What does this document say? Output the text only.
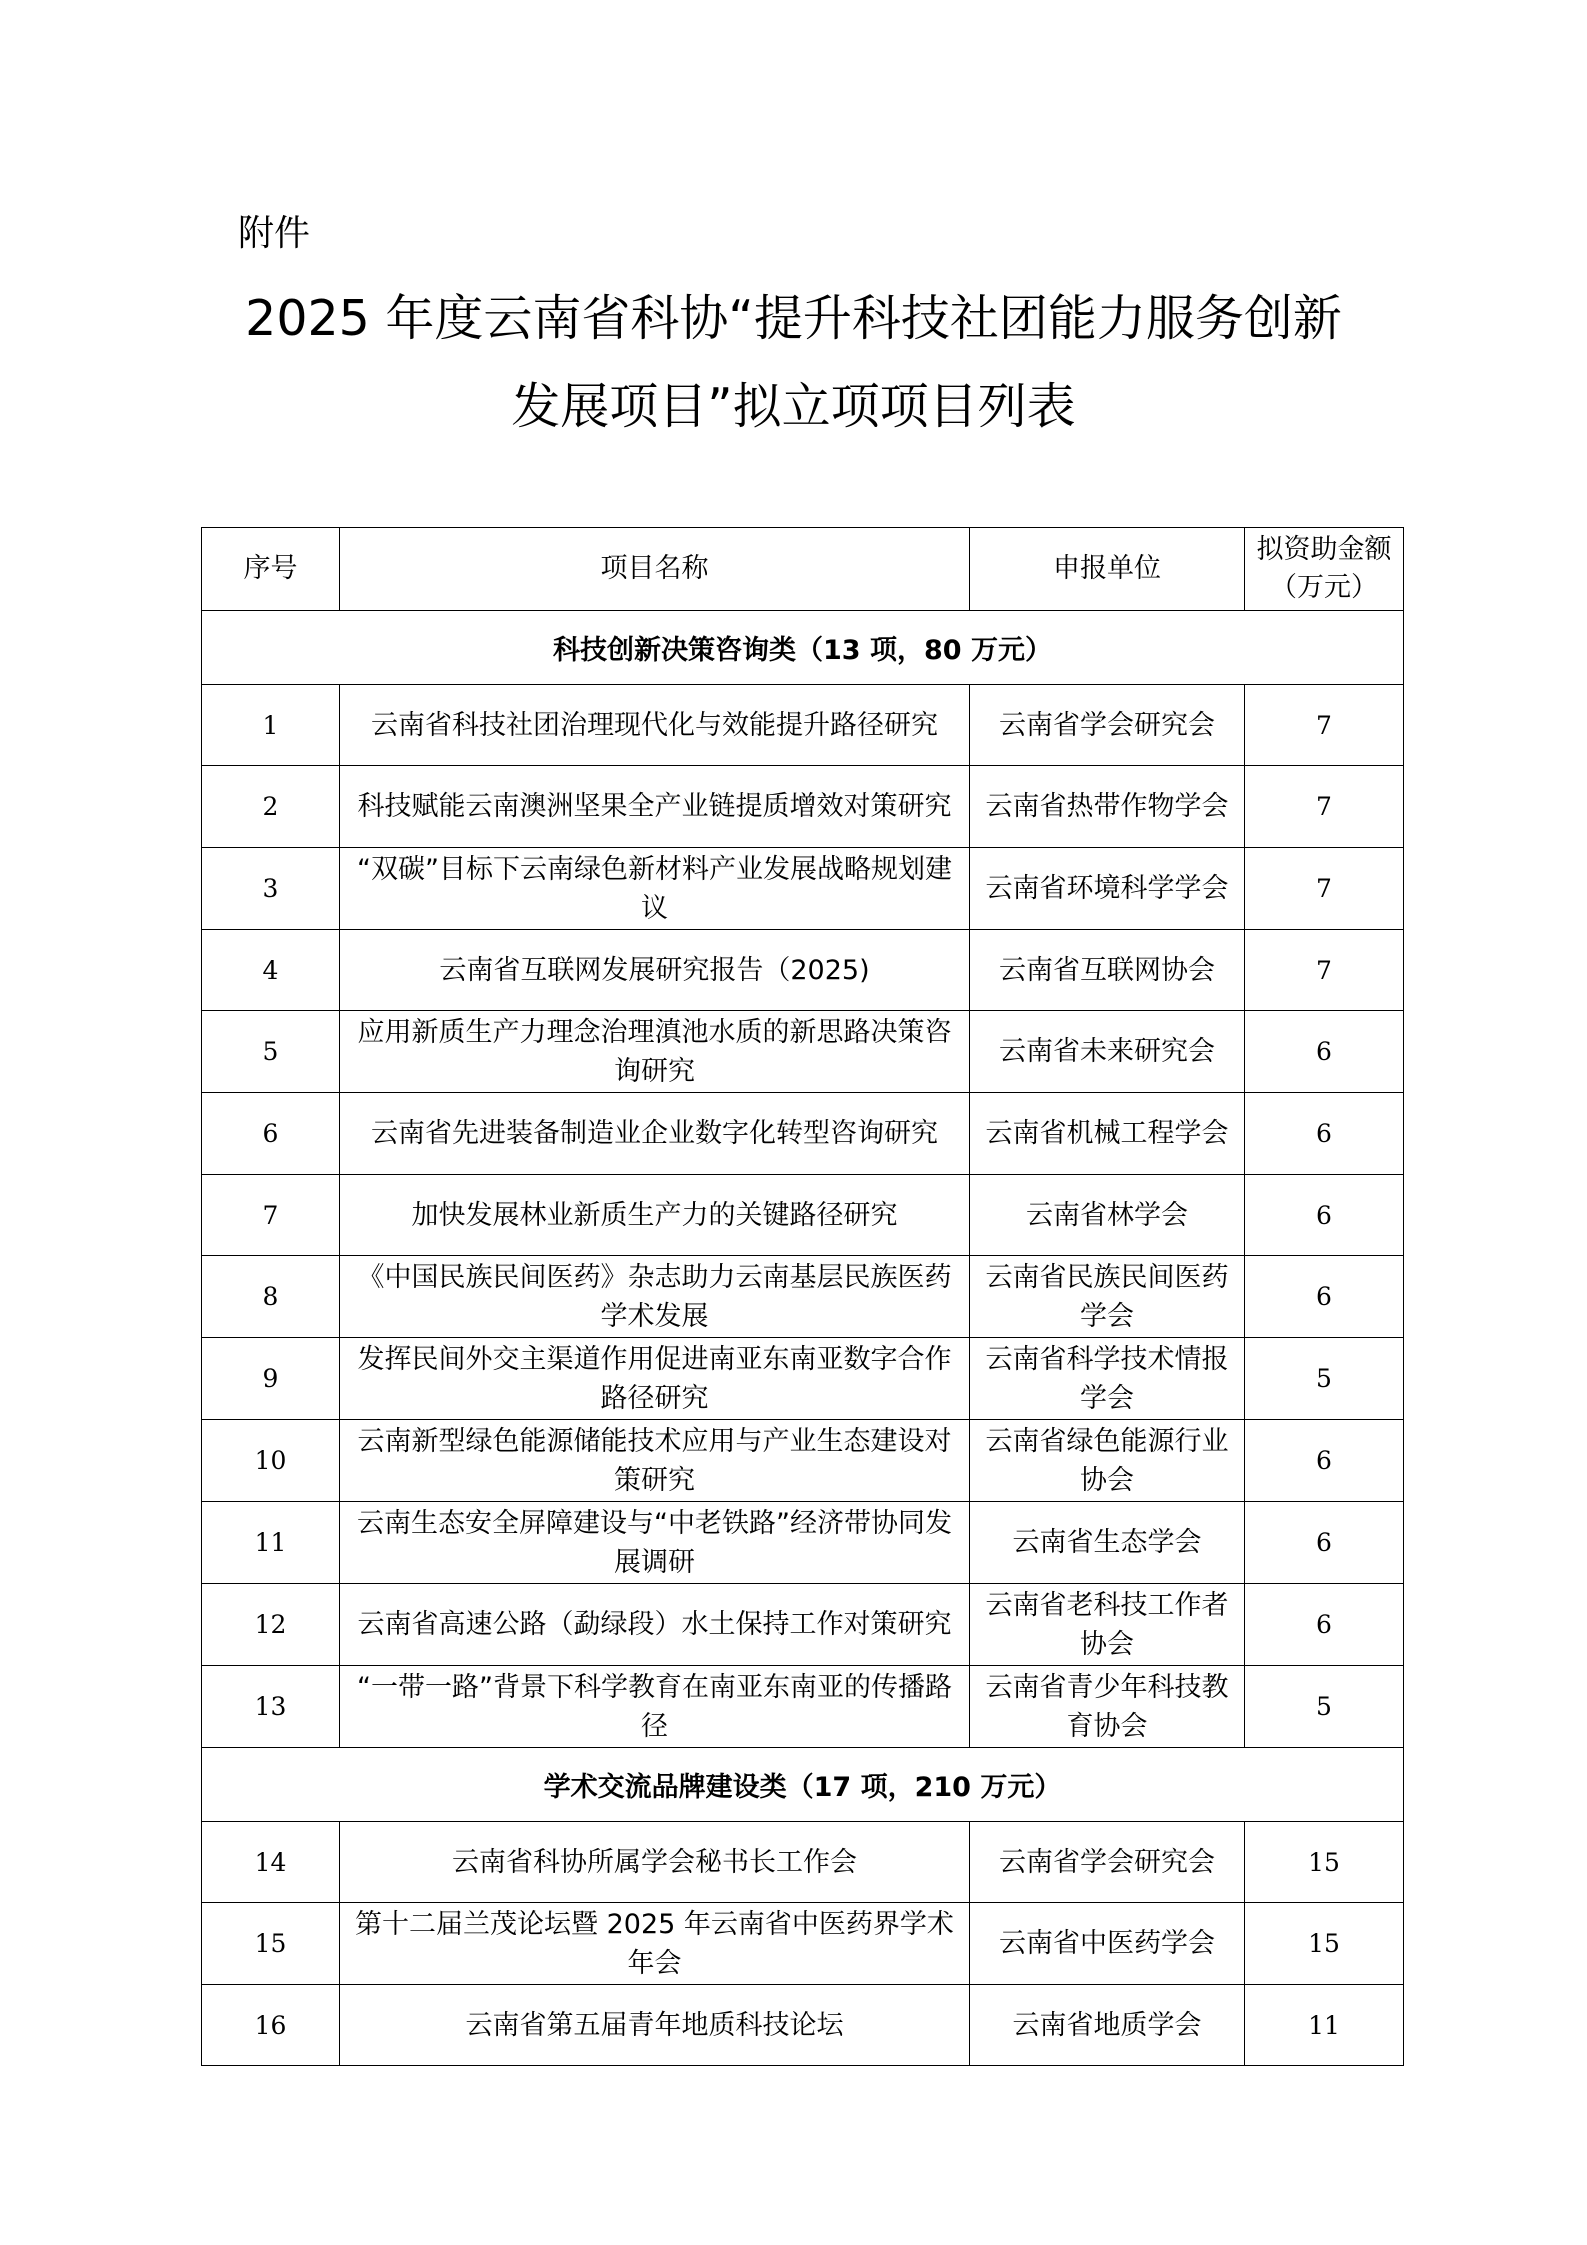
附件
2025 年度云南省科协“提升科技社团能力服务创新
发展项目”拟立项项目列表
序号	项目名称	申报单位	拟资助金额（万元）
科技创新决策咨询类（13 项，80 万元）			
1	云南省科技社团治理现代化与效能提升路径研究	云南省学会研究会	7
2	科技赋能云南澳洲坚果全产业链提质增效对策研究	云南省热带作物学会	7
3	“双碳”目标下云南绿色新材料产业发展战略规划建议	云南省环境科学学会	7
4	云南省互联网发展研究报告（2025)	云南省互联网协会	7
5	应用新质生产力理念治理滇池水质的新思路决策咨询研究	云南省未来研究会	6
6	云南省先进装备制造业企业数字化转型咨询研究	云南省机械工程学会	6
7	加快发展林业新质生产力的关键路径研究	云南省林学会	6
8	《中国民族民间医药》杂志助力云南基层民族医药学术发展	云南省民族民间医药学会	6
9	发挥民间外交主渠道作用促进南亚东南亚数字合作路径研究	云南省科学技术情报学会	5
10	云南新型绿色能源储能技术应用与产业生态建设对策研究	云南省绿色能源行业协会	6
11	云南生态安全屏障建设与“中老铁路”经济带协同发展调研	云南省生态学会	6
12	云南省高速公路（勐绿段）水土保持工作对策研究	云南省老科技工作者协会	6
13	“一带一路”背景下科学教育在南亚东南亚的传播路径	云南省青少年科技教育协会	5
学术交流品牌建设类（17 项，210 万元）			
14	云南省科协所属学会秘书长工作会	云南省学会研究会	15
15	第十二届兰茂论坛暨 2025 年云南省中医药界学术年会	云南省中医药学会	15
16	云南省第五届青年地质科技论坛	云南省地质学会	11
